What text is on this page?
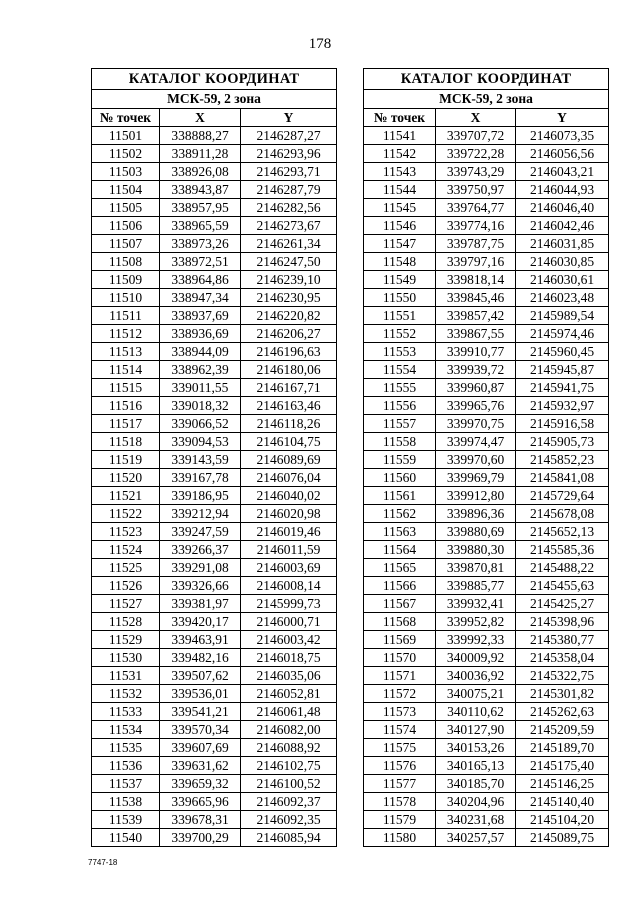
178
КАТАЛОГ КООРДИНАТ		
МСК-59, 2 зона		
№ точек	X	Y
11501	338888,27	2146287,27
11502	338911,28	2146293,96
11503	338926,08	2146293,71
11504	338943,87	2146287,79
11505	338957,95	2146282,56
11506	338965,59	2146273,67
11507	338973,26	2146261,34
11508	338972,51	2146247,50
11509	338964,86	2146239,10
11510	338947,34	2146230,95
11511	338937,69	2146220,82
11512	338936,69	2146206,27
11513	338944,09	2146196,63
11514	338962,39	2146180,06
11515	339011,55	2146167,71
11516	339018,32	2146163,46
11517	339066,52	2146118,26
11518	339094,53	2146104,75
11519	339143,59	2146089,69
11520	339167,78	2146076,04
11521	339186,95	2146040,02
11522	339212,94	2146020,98
11523	339247,59	2146019,46
11524	339266,37	2146011,59
11525	339291,08	2146003,69
11526	339326,66	2146008,14
11527	339381,97	2145999,73
11528	339420,17	2146000,71
11529	339463,91	2146003,42
11530	339482,16	2146018,75
11531	339507,62	2146035,06
11532	339536,01	2146052,81
11533	339541,21	2146061,48
11534	339570,34	2146082,00
11535	339607,69	2146088,92
11536	339631,62	2146102,75
11537	339659,32	2146100,52
11538	339665,96	2146092,37
11539	339678,31	2146092,35
11540	339700,29	2146085,94
КАТАЛОГ КООРДИНАТ		
МСК-59, 2 зона		
№ точек	X	Y
11541	339707,72	2146073,35
11542	339722,28	2146056,56
11543	339743,29	2146043,21
11544	339750,97	2146044,93
11545	339764,77	2146046,40
11546	339774,16	2146042,46
11547	339787,75	2146031,85
11548	339797,16	2146030,85
11549	339818,14	2146030,61
11550	339845,46	2146023,48
11551	339857,42	2145989,54
11552	339867,55	2145974,46
11553	339910,77	2145960,45
11554	339939,72	2145945,87
11555	339960,87	2145941,75
11556	339965,76	2145932,97
11557	339970,75	2145916,58
11558	339974,47	2145905,73
11559	339970,60	2145852,23
11560	339969,79	2145841,08
11561	339912,80	2145729,64
11562	339896,36	2145678,08
11563	339880,69	2145652,13
11564	339880,30	2145585,36
11565	339870,81	2145488,22
11566	339885,77	2145455,63
11567	339932,41	2145425,27
11568	339952,82	2145398,96
11569	339992,33	2145380,77
11570	340009,92	2145358,04
11571	340036,92	2145322,75
11572	340075,21	2145301,82
11573	340110,62	2145262,63
11574	340127,90	2145209,59
11575	340153,26	2145189,70
11576	340165,13	2145175,40
11577	340185,70	2145146,25
11578	340204,96	2145140,40
11579	340231,68	2145104,20
11580	340257,57	2145089,75
7747-18
